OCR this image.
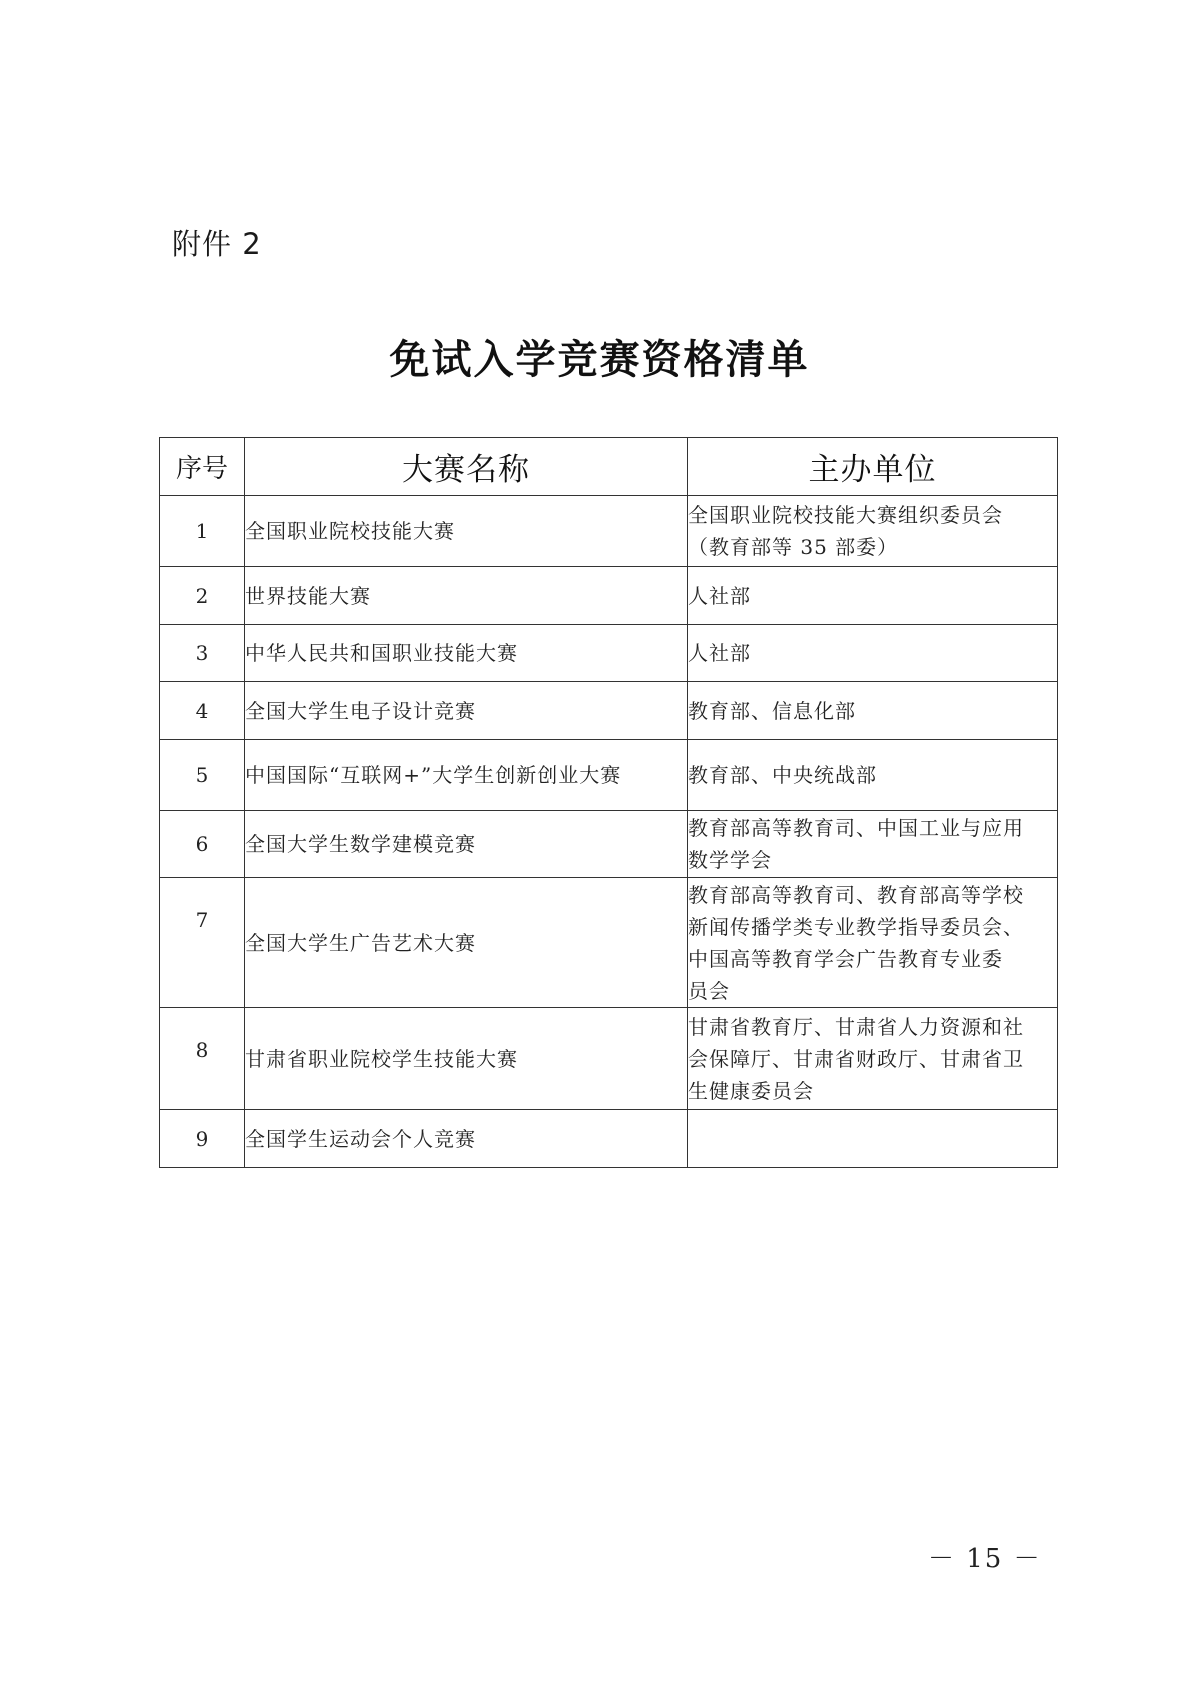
附件 2
免试入学竞赛资格清单
序号	大赛名称	主办单位
1	全国职业院校技能大赛	全国职业院校技能大赛组织委员会
（教育部等 35 部委）

2	世界技能大赛	人社部

3	中华人民共和国职业技能大赛	人社部

4	全国大学生电子设计竞赛	教育部、信息化部

5	中国国际“互联网+”大学生创新创业大赛	教育部、中央统战部

6	全国大学生数学建模竞赛	教育部高等教育司、中国工业与应用
数学学会

7	全国大学生广告艺术大赛	教育部高等教育司、教育部高等学校
新闻传播学类专业教学指导委员会、
中国高等教育学会广告教育专业委
员会

8	甘肃省职业院校学生技能大赛	甘肃省教育厅、甘肃省人力资源和社
会保障厅、甘肃省财政厅、甘肃省卫
生健康委员会

9	全国学生运动会个人竞赛	
－ 15 －
